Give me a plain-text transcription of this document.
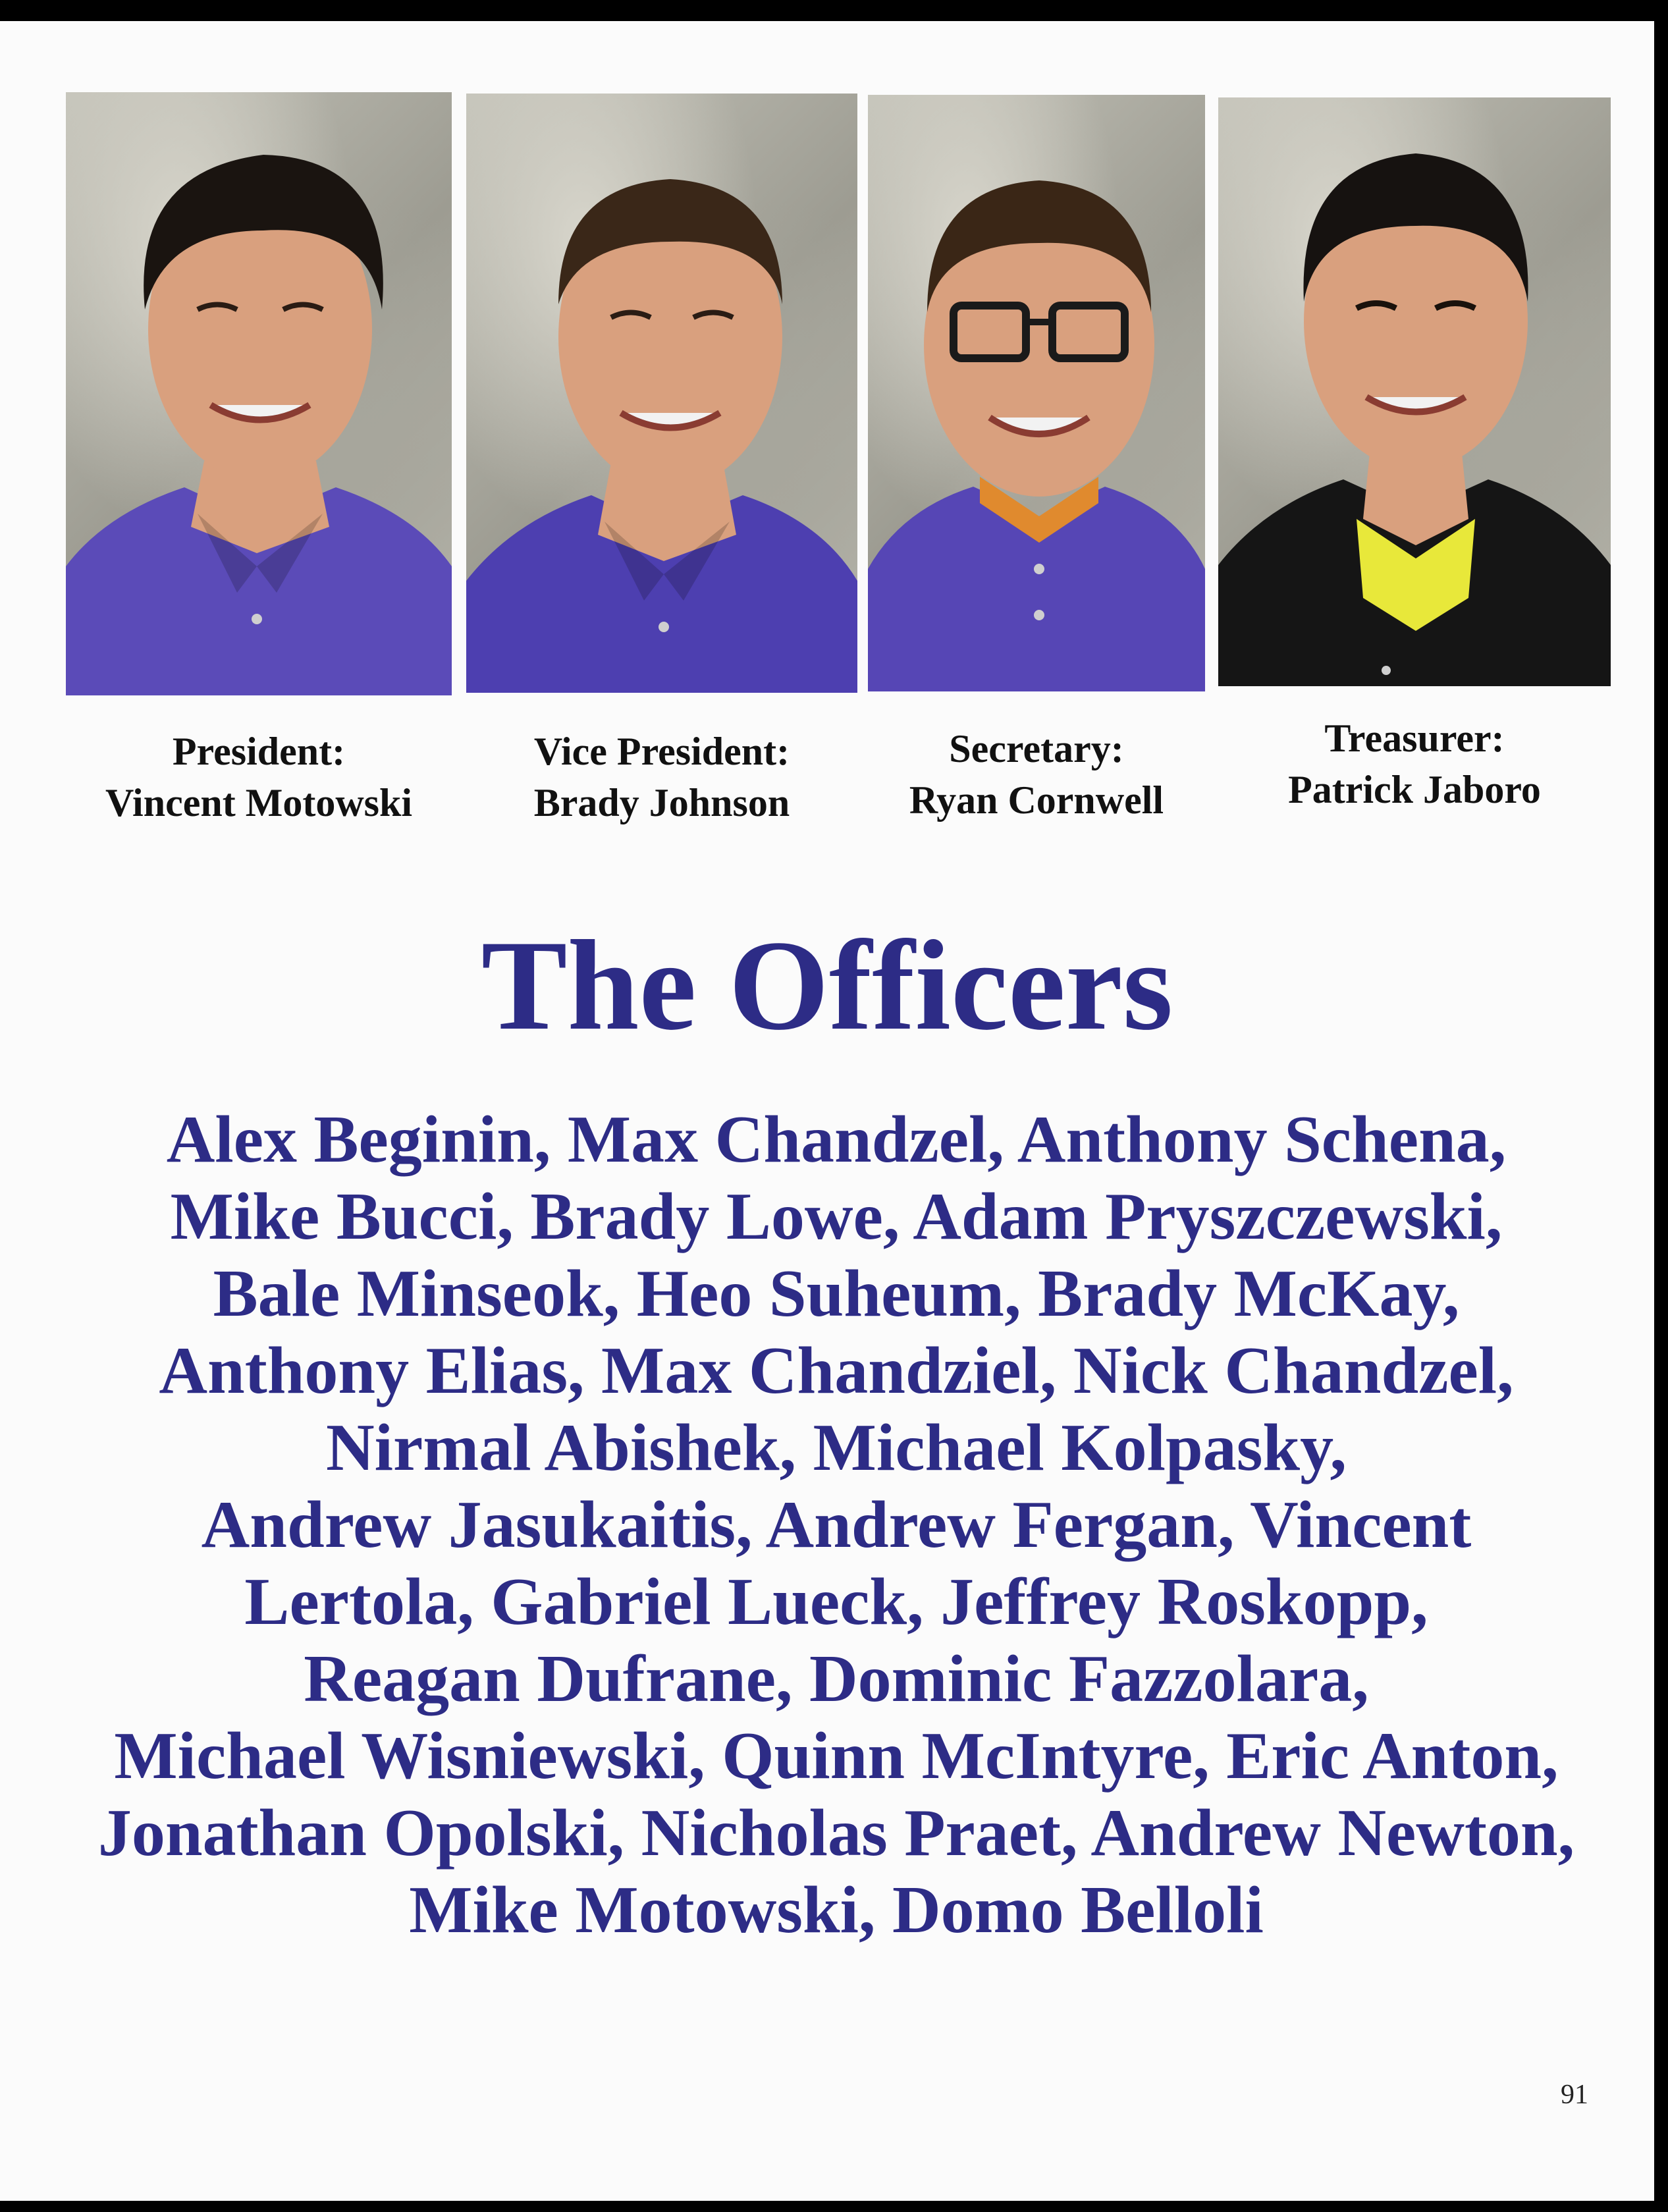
President:
Vincent Motowski
Vice President:
Brady Johnson
Secretary:
Ryan Cornwell
Treasurer:
Patrick Jaboro
The Officers
Alex Beginin, Max Chandzel, Anthony Schena,
Mike Bucci, Brady Lowe, Adam Pryszczewski,
Bale Minseok, Heo Suheum, Brady McKay,
Anthony Elias, Max Chandziel, Nick Chandzel,
Nirmal Abishek, Michael Kolpasky,
Andrew Jasukaitis, Andrew Fergan, Vincent
Lertola, Gabriel Lueck, Jeffrey Roskopp,
Reagan Dufrane, Dominic Fazzolara,
Michael Wisniewski, Quinn McIntyre, Eric Anton,
Jonathan Opolski, Nicholas Praet, Andrew Newton,
Mike Motowski, Domo Belloli
91
